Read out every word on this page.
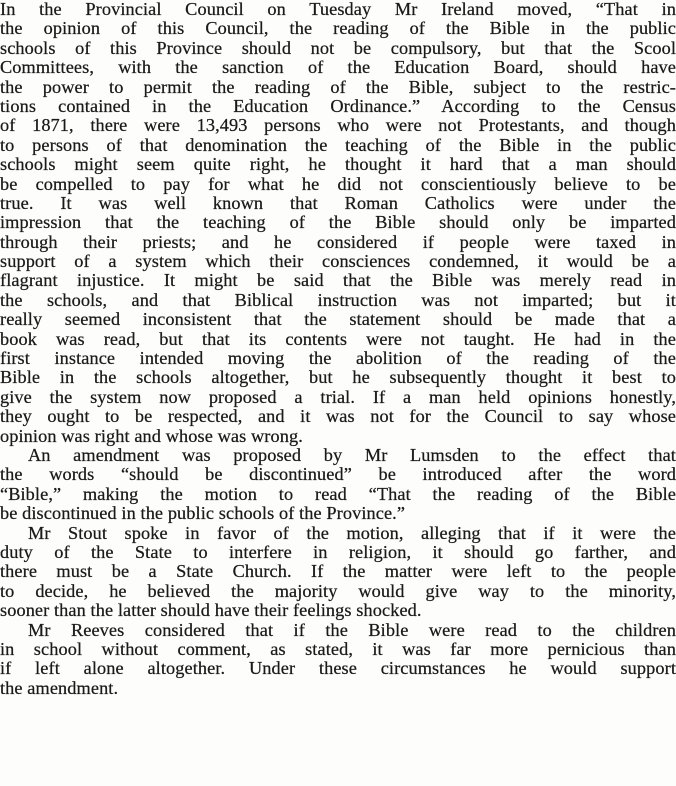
In the Provincial Council on Tuesday Mr Ireland moved, “That in
the opinion of this Council, the reading of the Bible in the public
schools of this Province should not be compulsory, but that the Scool
Committees, with the sanction of the Education Board, should have
the power to permit the reading of the Bible, subject to the restric-
tions contained in the Education Ordinance.” According to the Census
of 1871, there were 13,493 persons who were not Protestants, and though
to persons of that denomination the teaching of the Bible in the public
schools might seem quite right, he thought it hard that a man should
be compelled to pay for what he did not conscientiously believe to be
true. It was well known that Roman Catholics were under the
impression that the teaching of the Bible should only be imparted
through their priests; and he considered if people were taxed in
support of a system which their consciences condemned, it would be a
flagrant injustice. It might be said that the Bible was merely read in
the schools, and that Biblical instruction was not imparted; but it
really seemed inconsistent that the statement should be made that a
book was read, but that its contents were not taught. He had in the
first instance intended moving the abolition of the reading of the
Bible in the schools altogether, but he subsequently thought it best to
give the system now proposed a trial. If a man held opinions honestly,
they ought to be respected, and it was not for the Council to say whose
opinion was right and whose was wrong.
An amendment was proposed by Mr Lumsden to the effect that
the words “should be discontinued” be introduced after the word
“Bible,” making the motion to read “That the reading of the Bible
be discontinued in the public schools of the Province.”
Mr Stout spoke in favor of the motion, alleging that if it were the
duty of the State to interfere in religion, it should go farther, and
there must be a State Church. If the matter were left to the people
to decide, he believed the majority would give way to the minority,
sooner than the latter should have their feelings shocked.
Mr Reeves considered that if the Bible were read to the children
in school without comment, as stated, it was far more pernicious than
if left alone altogether. Under these circumstances he would support
the amendment.
